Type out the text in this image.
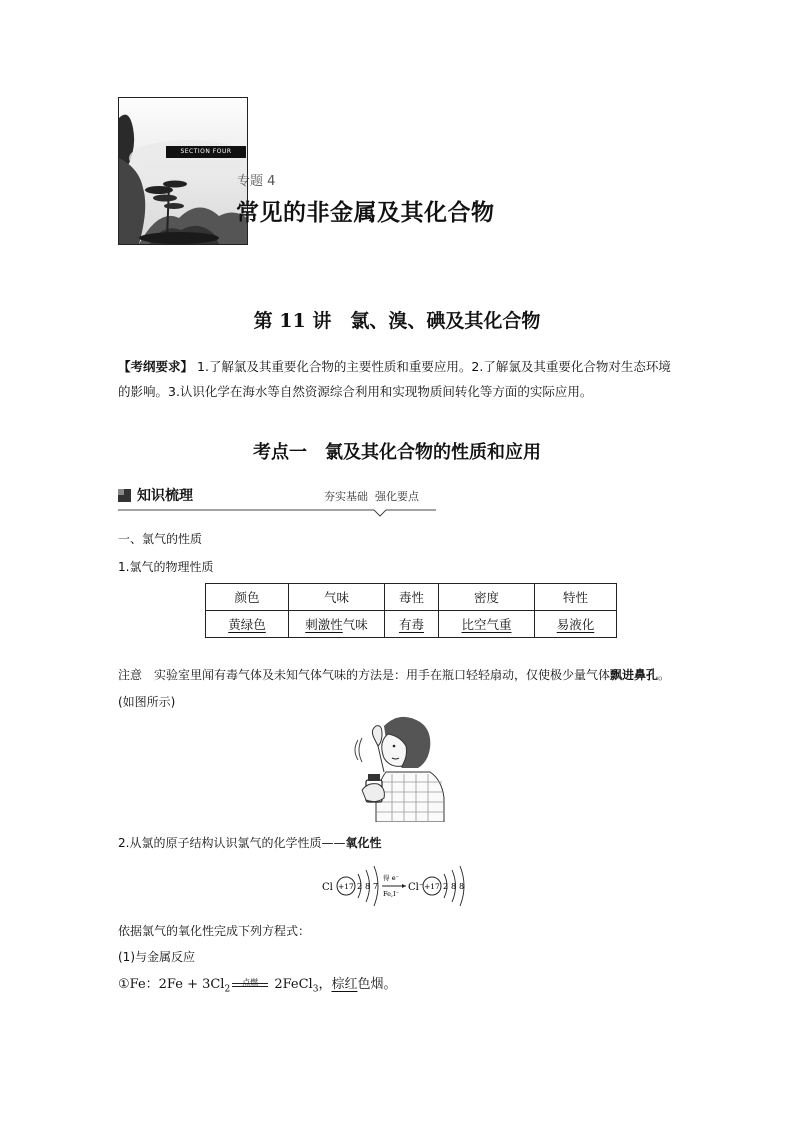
SECTION FOUR
专题 4
常见的非金属及其化合物
第 11 讲　氯、溴、碘及其化合物
【考纲要求】 1.了解氯及其重要化合物的主要性质和重要应用。2.了解氯及其重要化合物对生态环境的影响。3.认识化学在海水等自然资源综合利用和实现物质间转化等方面的实际应用。
考点一　氯及其化合物的性质和应用
知识梳理	夯实基础  强化要点
一、氯气的性质
1.氯气的物理性质
颜色	气味	毒性	密度	特性
黄绿色	刺激性气味	有毒	比空气重	易液化
注意　实验室里闻有毒气体及未知气体气味的方法是：用手在瓶口轻轻扇动，仅使极少量气体飘进鼻孔。(如图所示)
2.从氯的原子结构认识氯气的化学性质——氧化性
Cl +17 2 8 7
得 e⁻
Fe,I⁻
Cl⁻ +17 2 8 8
依据氯气的氧化性完成下列方程式：
(1)与金属反应
①Fe：$2Fe + 3Cl_2$
点燃 2FeCl$_3$，棕红色烟。
